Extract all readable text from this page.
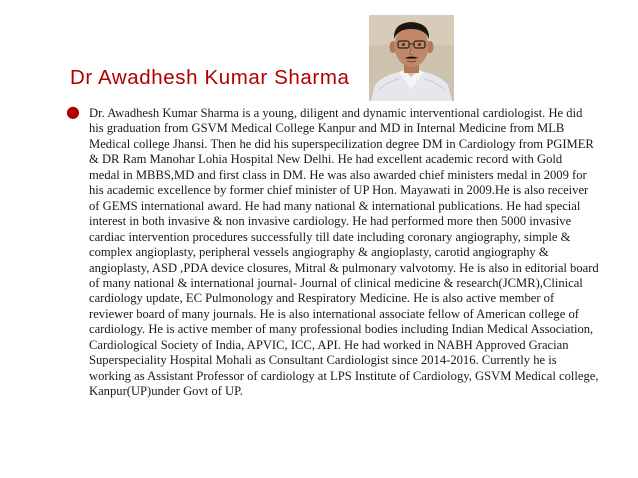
Dr Awadhesh Kumar Sharma
● Dr. Awadhesh Kumar Sharma is a young, diligent and dynamic interventional cardiologist. He did
his graduation from GSVM Medical College Kanpur and MD in Internal Medicine from MLB
Medical college Jhansi. Then he did his superspecilization degree DM in Cardiology from PGIMER
& DR Ram Manohar Lohia Hospital New Delhi. He had excellent academic record with Gold
medal in MBBS,MD and first class in DM. He was also awarded chief ministers medal in 2009 for
his academic excellence by former chief minister of UP Hon. Mayawati in 2009.He is also receiver
of GEMS international award. He had many national & international publications. He had special
interest in both invasive & non invasive cardiology. He had performed more then 5000 invasive
cardiac intervention procedures successfully till date including coronary angiography, simple &
complex angioplasty, peripheral vessels angiography & angioplasty, carotid angiography &
angioplasty, ASD ,PDA device closures, Mitral & pulmonary valvotomy. He is also in editorial board
of many national & international journal- Journal of clinical medicine & research(JCMR),Clinical
cardiology update, EC Pulmonology and Respiratory Medicine. He is also active member of
reviewer board of many journals. He is also international associate fellow of American college of
cardiology. He is active member of many professional bodies including Indian Medical Association,
Cardiological Society of India, APVIC, ICC, API. He had worked in NABH Approved Gracian
Superspeciality Hospital Mohali as Consultant Cardiologist since 2014-2016. Currently he is
working as Assistant Professor of cardiology at LPS Institute of Cardiology, GSVM Medical college,
Kanpur(UP)under Govt of UP.
